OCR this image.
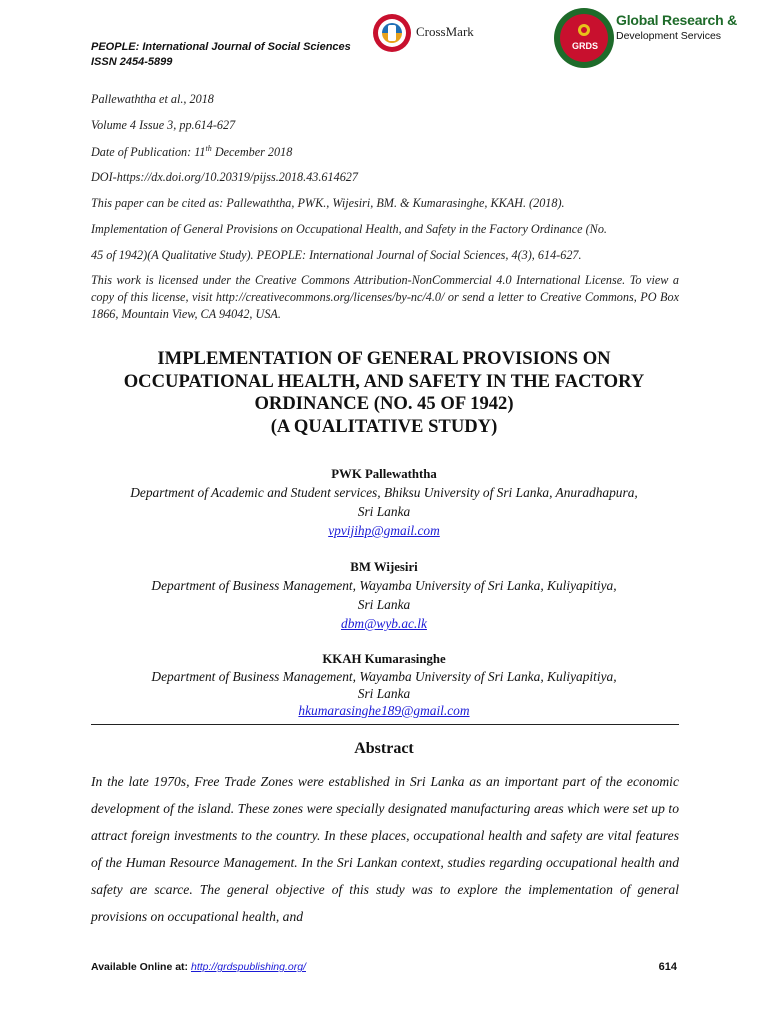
PEOPLE: International Journal of Social Sciences
ISSN 2454-5899
CrossMark
GRDS
Global Research &
Development Services
Pallewaththa et al., 2018
Volume 4 Issue 3, pp.614-627
Date of Publication: 11th December 2018
DOI-https://dx.doi.org/10.20319/pijss.2018.43.614627
This paper can be cited as: Pallewaththa, PWK., Wijesiri, BM. & Kumarasinghe, KKAH. (2018).
Implementation of General Provisions on Occupational Health, and Safety in the Factory Ordinance (No.
45 of 1942)(A Qualitative Study). PEOPLE: International Journal of Social Sciences, 4(3), 614-627.
This work is licensed under the Creative Commons Attribution-NonCommercial 4.0 International License. To view a copy of this license, visit http://creativecommons.org/licenses/by-nc/4.0/ or send a letter to Creative Commons, PO Box 1866, Mountain View, CA 94042, USA.
IMPLEMENTATION OF GENERAL PROVISIONS ON
OCCUPATIONAL HEALTH, AND SAFETY IN THE FACTORY
ORDINANCE (NO. 45 OF 1942)
(A QUALITATIVE STUDY)
PWK Pallewaththa
Department of Academic and Student services, Bhiksu University of Sri Lanka, Anuradhapura,
Sri Lanka
vpvijihp@gmail.com
BM Wijesiri
Department of Business Management, Wayamba University of Sri Lanka, Kuliyapitiya,
Sri Lanka
dbm@wyb.ac.lk
KKAH Kumarasinghe
Department of Business Management, Wayamba University of Sri Lanka, Kuliyapitiya,
Sri Lanka
hkumarasinghe189@gmail.com
Abstract
In the late 1970s, Free Trade Zones were established in Sri Lanka as an important part of the economic development of the island. These zones were specially designated manufacturing areas which were set up to attract foreign investments to the country. In these places, occupational health and safety are vital features of the Human Resource Management. In the Sri Lankan context, studies regarding occupational health and safety are scarce. The general objective of this study was to explore the implementation of general provisions on occupational health, and
Available Online at: http://grdspublishing.org/	614
